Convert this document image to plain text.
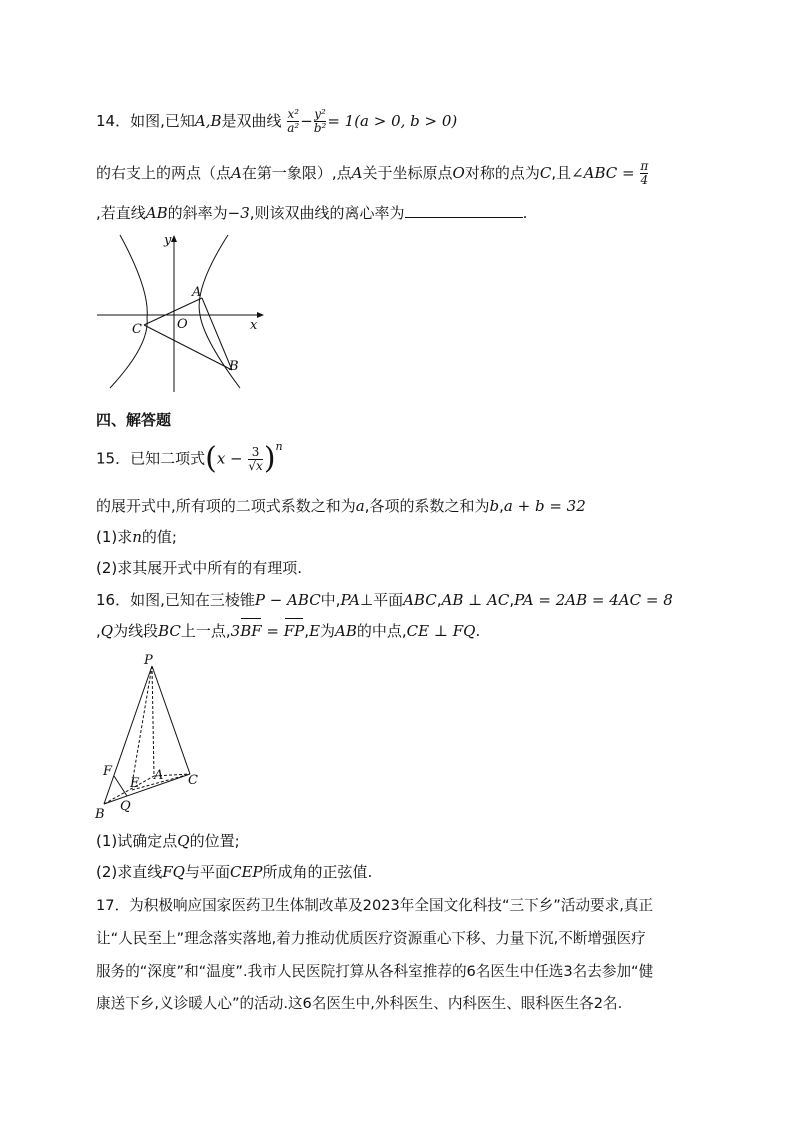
14．如图,已知A,B是双曲线 $\frac{\text{x²}}{\text{a²}} - \frac{\text{y²}}{\text{b²}} = 1(a > 0$, b > 0)
的右支上的两点（点A在第一象限）,点A关于坐标原点O对称的点为C,且∠ABC = $\frac{\pi}{4}$
,若直线AB的斜率为−3,则该双曲线的离心率为	.
y
x
A
O
C
B
四、解答题
15．已知二项式$(x - \frac{3}{√x} )^n$
的展开式中,所有项的二项式系数之和为a,各项的系数之和为b,a + b = 32
(1)求n的值;
(2)求其展开式中所有的有理项.
16．如图,已知在三棱锥P − ABC中,PA⊥平面ABC,AB ⊥ AC,PA = 2AB = 4AC = 8
,Q为线段BC上一点,3BF = FP,E为AB的中点,CE ⊥ FQ.
P
F
E
A C
B
Q
(1)试确定点Q的位置;
(2)求直线FQ与平面CEP所成角的正弦值.
17．为积极响应国家医药卫生体制改革及2023年全国文化科技“三下乡”活动要求,真正
让“人民至上”理念落实落地,着力推动优质医疗资源重心下移、力量下沉,不断增强医疗
服务的“深度”和“温度”.我市人民医院打算从各科室推荐的6名医生中任选3名去参加“健
康送下乡,义诊暖人心”的活动.这6名医生中,外科医生、内科医生、眼科医生各2名.
